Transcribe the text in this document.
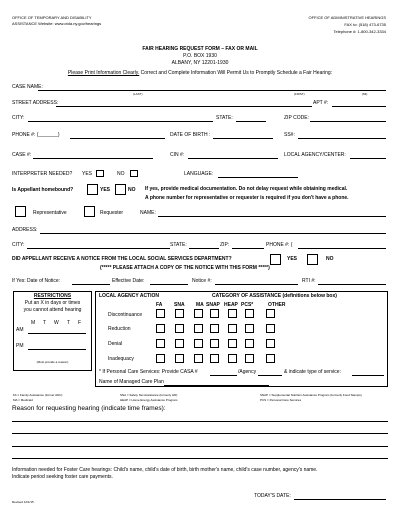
OFFICE OF TEMPORARY AND DISABILITY
ASSISTANCE Website: www.otda.ny.gov/hearings
OFFICE OF ADMINISTRATIVE HEARINGS
FAX to: (518) 473-6735
Telephone #: 1-800-342-3334
FAIR HEARING REQUEST FORM – FAX OR MAIL
P.O. BOX 1930
ALBANY, NY 12201-1930
Please Print Information Clearly. Correct and Complete Information Will Permit Us to Promptly Schedule a Fair Hearing:
CASE NAME:
(LAST)	(FIRST)	(MI)
STREET ADDRESS:	APT #:
CITY:	STATE:	ZIP CODE:
PHONE #: (_______)	DATE OF BIRTH :	SS#:
CASE #:	CIN #:	LOCAL AGENCY/CENTER:
INTERPRETER NEEDED? YES	NO	LANGUAGE:
Is Appellant homebound?	YES	NO If yes, provide medical documentation. Do not delay request while obtaining medical.
A phone number for representative or requester is required if you don't have a phone.
Representative	Requester	NAME:
ADDRESS:
CITY:	STATE:	ZIP:	PHONE #: (
DID APPELLANT RECEIVE A NOTICE FROM THE LOCAL SOCIAL SERVICES DEPARTMENT?	YES	NO
(***** PLEASE ATTACH A COPY OF THE NOTICE WITH THIS FORM *****)
If Yes: Date of Notice:	Effective Date:	Notice #:	RTI #:
RESTRICTIONS
Put an X in days or times
you cannot attend hearing
M T W T F
AM
PM
(Must provide a reason)
LOCAL AGENCY ACTION	CATEGORY OF ASSISTANCE (definitions below box)
FA SNA MA SNAP HEAP PCS*	OTHER
Discontinuance
Reduction
Denial
Inadequacy
* If Personal Care Services: Provide CASA #	/Agency	& indicate type of service:
Name of Managed Care Plan
FA = Family Assistance (former ADC)
MA = Medicaid
SNA = Safety Net Assistance (formerly HR)
HEAP = Home Energy Assistance Program
SNAP = Supplemental Nutrition Assistance Program (formerly Food Stamps)
PCS = Personal Care Services
Reason for requesting hearing (indicate time frames):
Information needed for Foster Care hearings: Child's name, child's date of birth, birth mother's name, child's case number, agency's name.
Indicate period seeking foster care payments.
Revised 12/1/15
TODAY'S DATE:
